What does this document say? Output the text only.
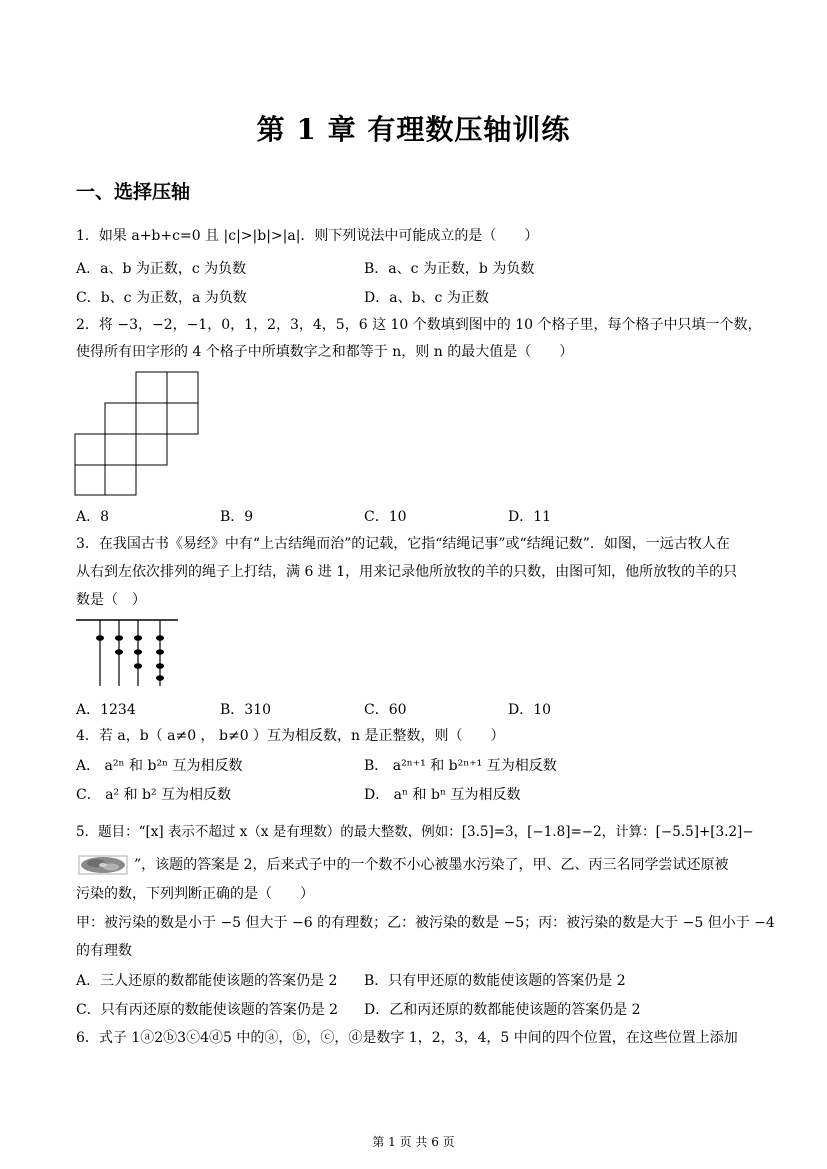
第 1 章 有理数压轴训练
一、选择压轴
1．如果 a+b+c=0 且 |c|>|b|>|a|．则下列说法中可能成立的是（　　）
A．a、b 为正数，c 为负数	B．a、c 为正数，b 为负数
C．b、c 为正数，a 为负数	D．a、b、c 为正数
2．将 −3，−2，−1，0，1，2，3，4，5，6 这 10 个数填到图中的 10 个格子里，每个格子中只填一个数，
使得所有田字形的 4 个格子中所填数字之和都等于 n，则 n 的最大值是（　　）
A．8	B．9	C．10	D．11
3．在我国古书《易经》中有“上古结绳而治”的记载，它指“结绳记事”或“结绳记数”．如图，一远古牧人在
从右到左依次排列的绳子上打结，满 6 进 1，用来记录他所放牧的羊的只数，由图可知，他所放牧的羊的只
数是（　）
A．1234	B．310	C．60	D．10
4．若 a，b（ a≠0 ， b≠0 ）互为相反数，n 是正整数，则（　　）
A． a²ⁿ 和 b²ⁿ 互为相反数	B． a²ⁿ⁺¹ 和 b²ⁿ⁺¹ 互为相反数
C． a² 和 b² 互为相反数	D． aⁿ 和 bⁿ 互为相反数
5．题目：“[x] 表示不超过 x（x 是有理数）的最大整数，例如：[3.5]=3，[−1.8]=−2，计算：[−5.5]+[3.2]−
”，该题的答案是 2，后来式子中的一个数不小心被墨水污染了，甲、乙、丙三名同学尝试还原被
污染的数，下列判断正确的是（　　）
甲：被污染的数是小于 −5 但大于 −6 的有理数；乙：被污染的数是 −5；丙：被污染的数是大于 −5 但小于 −4
的有理数
A．三人还原的数都能使该题的答案仍是 2 B．只有甲还原的数能使该题的答案仍是 2
C．只有丙还原的数能使该题的答案仍是 2 D．乙和丙还原的数都能使该题的答案仍是 2
6．式子 1ⓐ2ⓑ3ⓒ4ⓓ5 中的ⓐ，ⓑ，ⓒ，ⓓ是数字 1，2，3，4，5 中间的四个位置，在这些位置上添加
第 1 页 共 6 页
